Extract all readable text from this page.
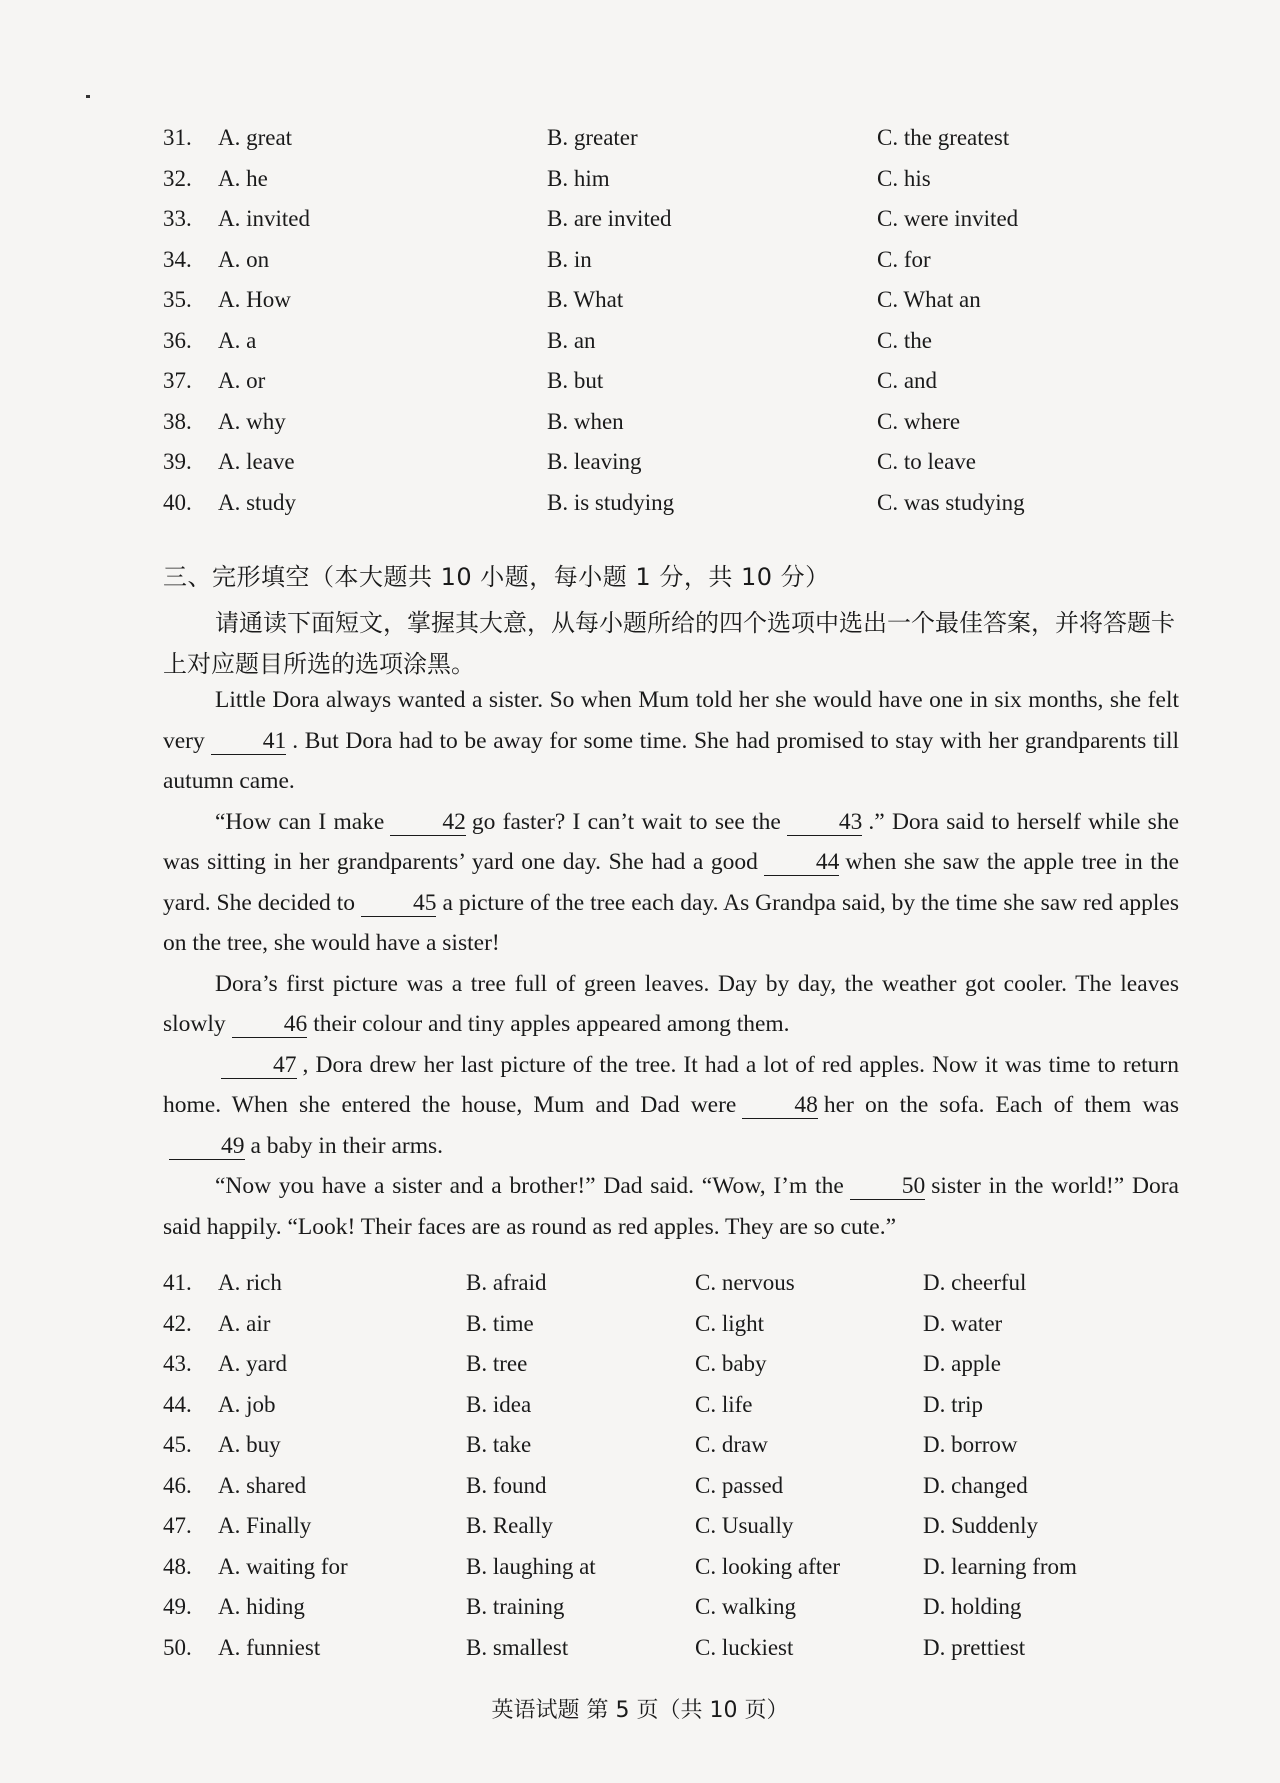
31. A. great	B. greater	C. the greatest
32. A. he	B. him	C. his
33. A. invited	B. are invited	C. were invited
34. A. on	B. in	C. for
35. A. How	B. What	C. What an
36. A. a	B. an	C. the
37. A. or	B. but	C. and
38. A. why	B. when	C. where
39. A. leave	B. leaving	C. to leave
40. A. study	B. is studying	C. was studying
三、完形填空（本大题共 10 小题，每小题 1 分，共 10 分）
请通读下面短文，掌握其大意，从每小题所给的四个选项中选出一个最佳答案，并将答题卡上对应题目所选的选项涂黑。

Little Dora always wanted a sister. So when Mum told her she would have one in six months, she felt very 41 . But Dora had to be away for some time. She had promised to stay with her grandparents till autumn came.

“How can I make 42 go faster? I can’t wait to see the 43 .” Dora said to herself while she was sitting in her grandparents’ yard one day. She had a good 44 when she saw the apple tree in the yard. She decided to 45 a picture of the tree each day. As Grandpa said, by the time she saw red apples on the tree, she would have a sister!

Dora’s first picture was a tree full of green leaves. Day by day, the weather got cooler. The leaves slowly 46 their colour and tiny apples appeared among them.

47 , Dora drew her last picture of the tree. It had a lot of red apples. Now it was time to return home. When she entered the house, Mum and Dad were 48 her on the sofa. Each of them was49 a baby in their arms.

“Now you have a sister and a brother!” Dad said. “Wow, I’m the 50 sister in the world!” Dora said happily. “Look! Their faces are as round as red apples. They are so cute.”

41. A. rich	B. afraid	C. nervous	D. cheerful
42. A. air	B. time	C. light	D. water
43. A. yard	B. tree	C. baby	D. apple
44. A. job	B. idea	C. life	D. trip
45. A. buy	B. take	C. draw	D. borrow
46. A. shared	B. found	C. passed	D. changed
47. A. Finally	B. Really	C. Usually	D. Suddenly
48. A. waiting for	B. laughing at	C. looking after	D. learning from
49. A. hiding	B. training	C. walking	D. holding
50. A. funniest	B. smallest	C. luckiest	D. prettiest
英语试题 第 5 页（共 10 页）
